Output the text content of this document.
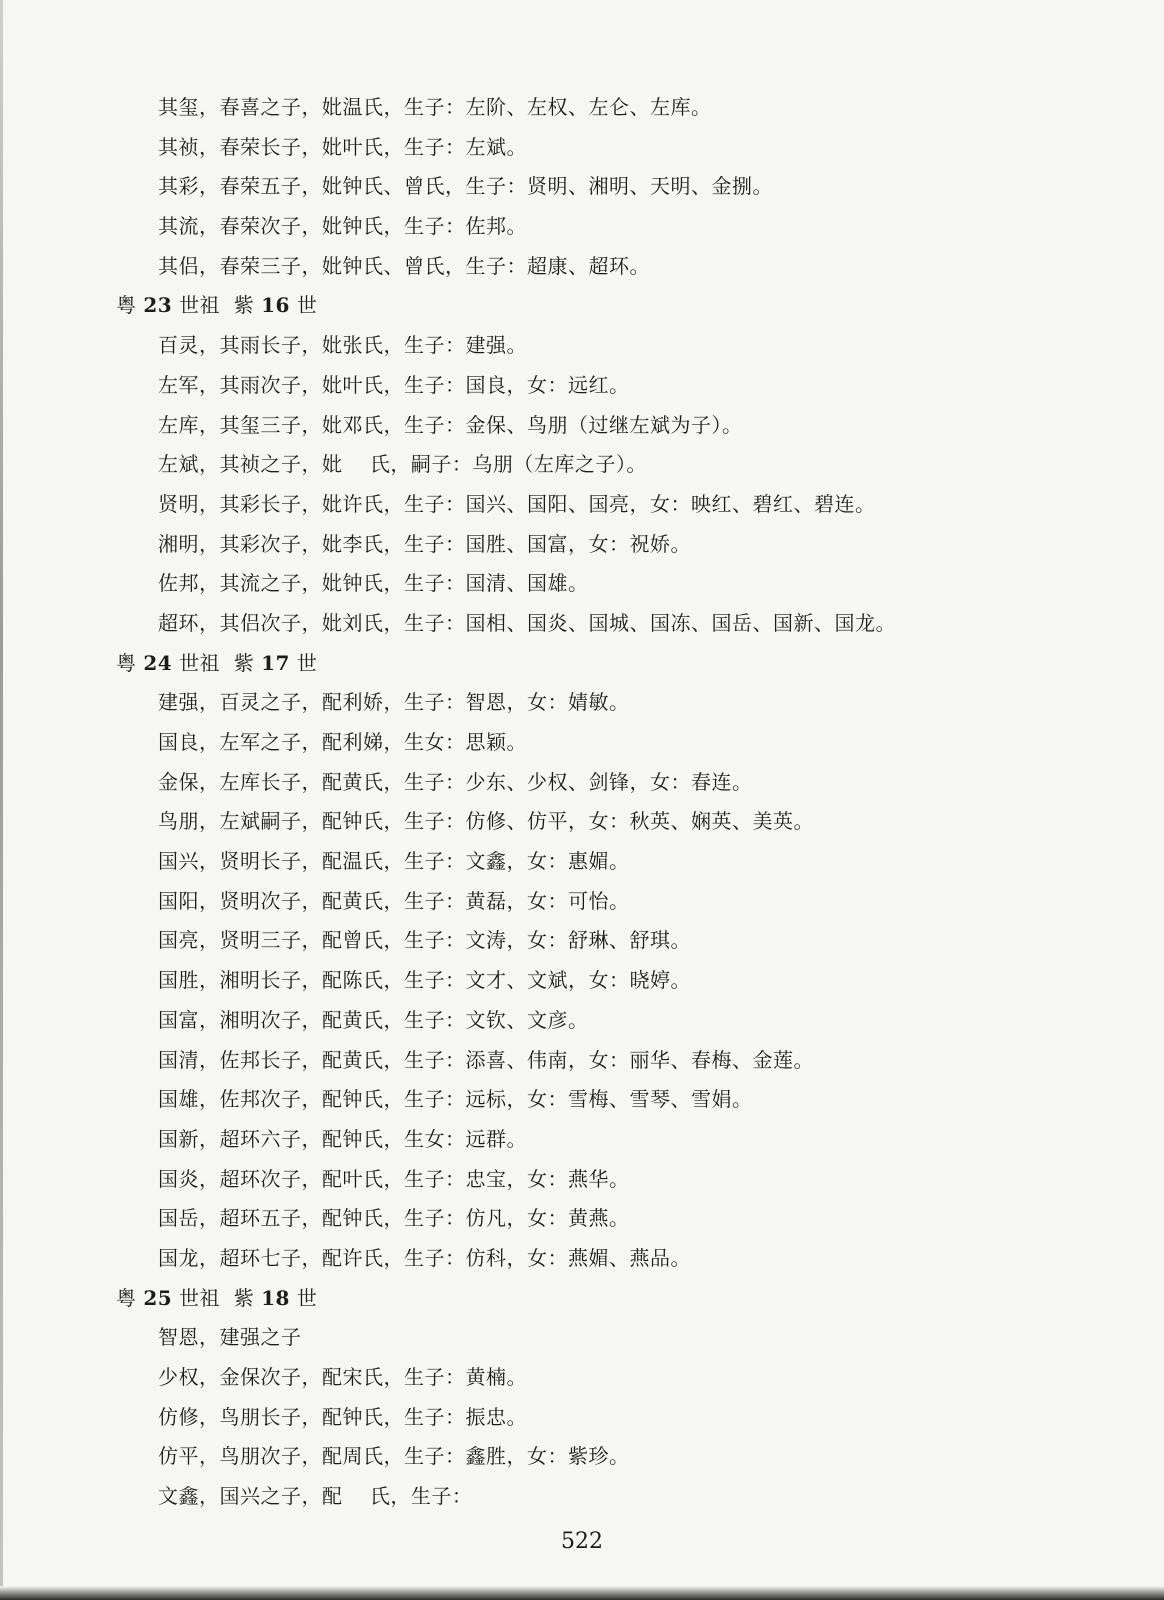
其玺，春喜之子，妣温氏，生子：左阶、左权、左仑、左库。
其祯，春荣长子，妣叶氏，生子：左斌。
其彩，春荣五子，妣钟氏、曾氏，生子：贤明、湘明、天明、金捌。
其流，春荣次子，妣钟氏，生子：佐邦。
其侣，春荣三子，妣钟氏、曾氏，生子：超康、超环。
粤 23 世祖 紫 16 世
百灵，其雨长子，妣张氏，生子：建强。
左军，其雨次子，妣叶氏，生子：国良，女：远红。
左库，其玺三子，妣邓氏，生子：金保、鸟朋（过继左斌为子）。
左斌，其祯之子，妣　 氏，嗣子：乌朋（左库之子）。
贤明，其彩长子，妣许氏，生子：国兴、国阳、国亮，女：映红、碧红、碧连。
湘明，其彩次子，妣李氏，生子：国胜、国富，女：祝娇。
佐邦，其流之子，妣钟氏，生子：国清、国雄。
超环，其侣次子，妣刘氏，生子：国相、国炎、国城、国冻、国岳、国新、国龙。
粤 24 世祖 紫 17 世
建强，百灵之子，配利娇，生子：智恩，女：婧敏。
国良，左军之子，配利娣，生女：思颖。
金保，左库长子，配黄氏，生子：少东、少权、剑锋，女：春连。
鸟朋，左斌嗣子，配钟氏，生子：仿修、仿平，女：秋英、娴英、美英。
国兴，贤明长子，配温氏，生子：文鑫，女：惠媚。
国阳，贤明次子，配黄氏，生子：黄磊，女：可怡。
国亮，贤明三子，配曾氏，生子：文涛，女：舒琳、舒琪。
国胜，湘明长子，配陈氏，生子：文才、文斌，女：晓婷。
国富，湘明次子，配黄氏，生子：文钦、文彦。
国清，佐邦长子，配黄氏，生子：添喜、伟南，女：丽华、春梅、金莲。
国雄，佐邦次子，配钟氏，生子：远标，女：雪梅、雪琴、雪娟。
国新，超环六子，配钟氏，生女：远群。
国炎，超环次子，配叶氏，生子：忠宝，女：燕华。
国岳，超环五子，配钟氏，生子：仿凡，女：黄燕。
国龙，超环七子，配许氏，生子：仿科，女：燕媚、燕品。
粤 25 世祖 紫 18 世
智恩，建强之子
少权，金保次子，配宋氏，生子：黄楠。
仿修，鸟朋长子，配钟氏，生子：振忠。
仿平，鸟朋次子，配周氏，生子：鑫胜，女：紫珍。
文鑫，国兴之子，配　 氏，生子：
522
